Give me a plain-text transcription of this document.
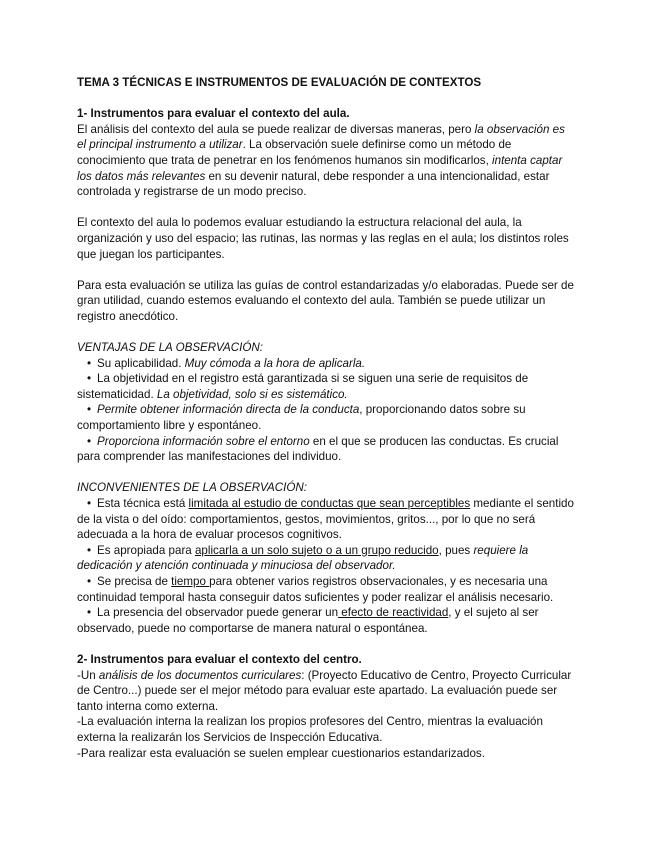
TEMA 3 TÉCNICAS E INSTRUMENTOS DE EVALUACIÓN DE CONTEXTOS
1- Instrumentos para evaluar el contexto del aula.

El análisis del contexto del aula se puede realizar de diversas maneras, pero la observación es el principal instrumento a utilizar. La observación suele definirse como un método de conocimiento que trata de penetrar en los fenómenos humanos sin modificarlos, intenta captar los datos más relevantes en su devenir natural, debe responder a una intencionalidad, estar controlada y registrarse de un modo preciso.

El contexto del aula lo podemos evaluar estudiando la estructura relacional del aula, la organización y uso del espacio; las rutinas, las normas y las reglas en el aula; los distintos roles que juegan los participantes.

Para esta evaluación se utiliza las guías de control estandarizadas y/o elaboradas. Puede ser de gran utilidad, cuando estemos evaluando el contexto del aula. También se puede utilizar un registro anecdótico.

VENTAJAS DE LA OBSERVACIÓN:
• Su aplicabilidad. Muy cómoda a la hora de aplicarla.
• La objetividad en el registro está garantizada si se siguen una serie de requisitos de sistematicidad. La objetividad, solo si es sistemático.
• Permite obtener información directa de la conducta, proporcionando datos sobre su comportamiento libre y espontáneo.
• Proporciona información sobre el entorno en el que se producen las conductas. Es crucial para comprender las manifestaciones del individuo.
INCONVENIENTES DE LA OBSERVACIÓN:
• Esta técnica está limitada al estudio de conductas que sean perceptibles mediante el sentido de la vista o del oído: comportamientos, gestos, movimientos, gritos..., por lo que no será adecuada a la hora de evaluar procesos cognitivos.
• Es apropiada para aplicarla a un solo sujeto o a un grupo reducido, pues requiere la dedicación y atención continuada y minuciosa del observador.
• Se precisa de tiempo para obtener varios registros observacionales, y es necesaria una continuidad temporal hasta conseguir datos suficientes y poder realizar el análisis necesario.
• La presencia del observador puede generar un efecto de reactividad, y el sujeto al ser observado, puede no comportarse de manera natural o espontánea.
2- Instrumentos para evaluar el contexto del centro.
-Un análisis de los documentos curriculares: (Proyecto Educativo de Centro, Proyecto Curricular de Centro...) puede ser el mejor método para evaluar este apartado. La evaluación puede ser tanto interna como externa.
-La evaluación interna la realizan los propios profesores del Centro, mientras la evaluación externa la realizarán los Servicios de Inspección Educativa.
-Para realizar esta evaluación se suelen emplear cuestionarios estandarizados.
